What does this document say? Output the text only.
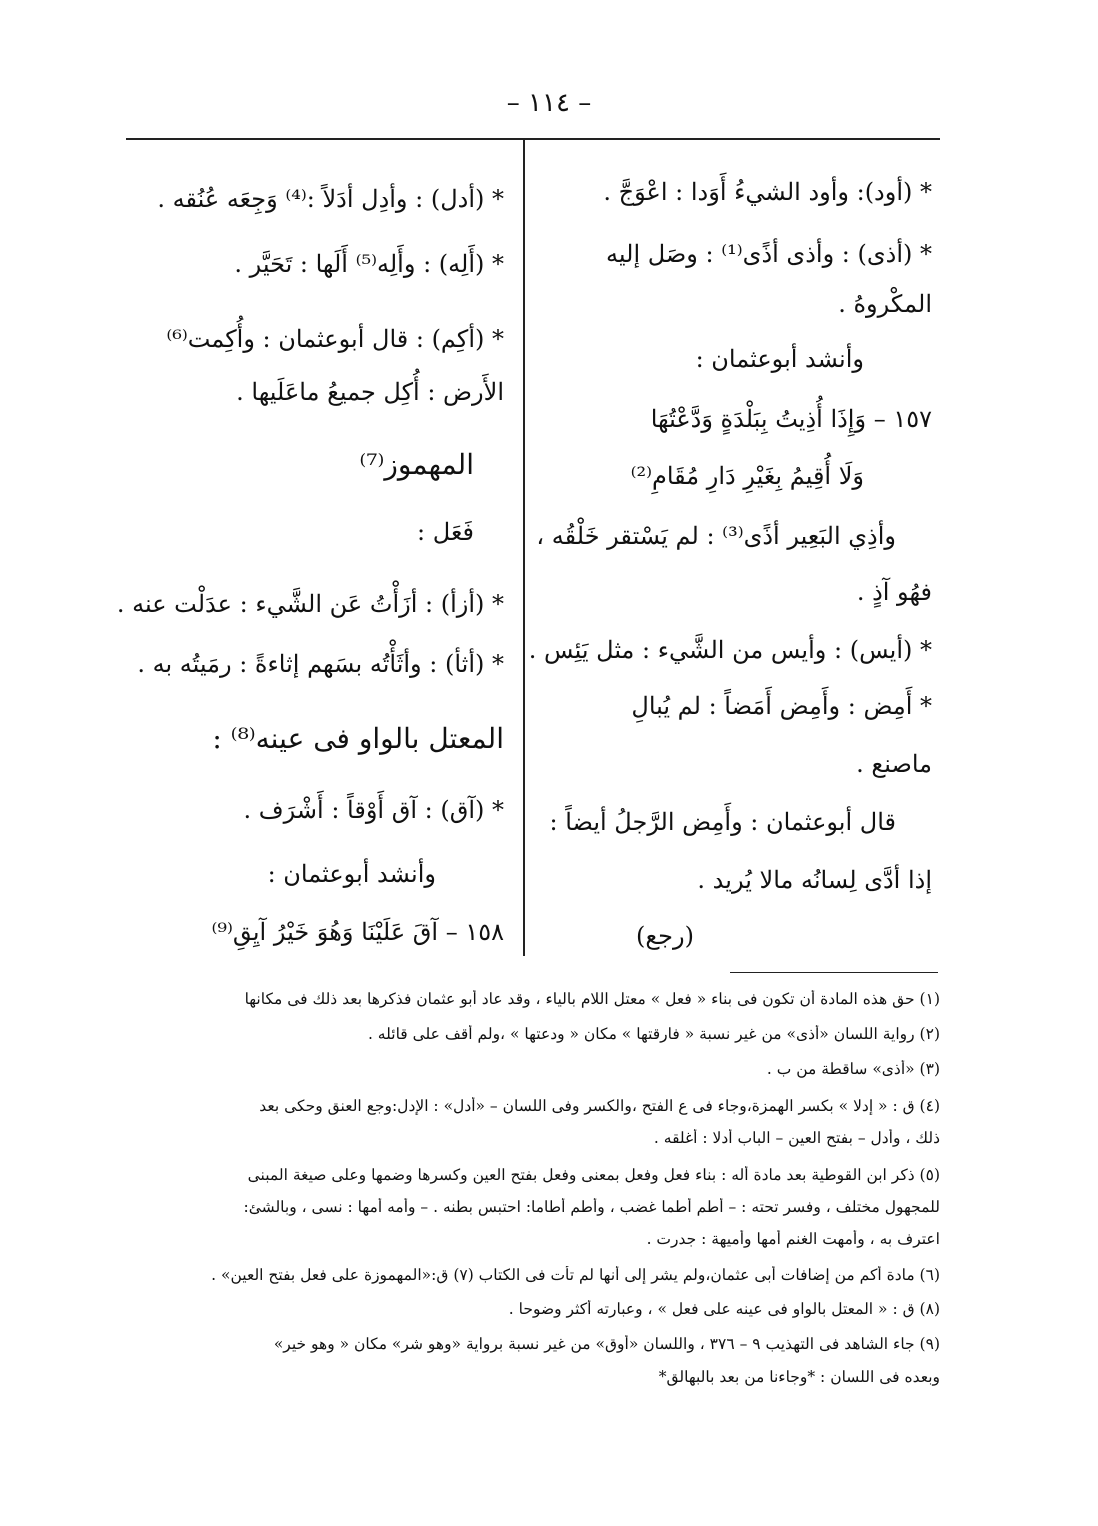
– ١١٤ –
* (أود): وأود الشيءُ أَوَدا : اعْوَجَّ .
* (أذى) : وأذى أذًى⁽¹⁾ : وصَل إليه
المكْروهُ .
وأنشد أبوعثمان :
١٥٧ – وَإِذَا أُذِيتُ بِبَلْدَةٍ وَدَّعْتُهَا
وَلَا أُقِيمُ بِغَيْرِ دَارِ مُقَامِ⁽²⁾
وأذِي البَعِير أذًى⁽³⁾ : لم يَسْتقر خَلْقُه ،
فهُو آذٍ .
* (أيس) : وأيس من الشَّيء : مثل يَئِس .
* أَمِض : وأَمِض أَمَضاً : لم يُبالِ
ماصنع .
قال أبوعثمان : وأَمِض الرَّجلُ أيضاً :
إذا أدَّى لِسانُه مالا يُريد .
(رجع)
* (أدل) : وأدِل أدَلاً :⁽⁴⁾ وَجِعَه عُنُقه .
* (أَلِه) : وأَلِه⁽⁵⁾ أَلَها : تَحَيَّر .
* (أكِم) : قال أبوعثمان : وأُكِمت⁽⁶⁾
الأَرض : أُكِل جميعُ ماعَلَيها .
المهموز⁽⁷⁾
فَعَل :
* (أزأ) : أزَأْتُ عَن الشَّيء : عدَلْت عنه .
* (أثأ) : وأثَأْتُه بسَهم إثاءةً : رمَيتُه به .
المعتل بالواو فى عينه⁽⁸⁾ :
* (آق) : آق أَوْقاً : أَشْرَف .
وأنشد أبوعثمان :
١٥٨ – آقَ عَلَيْنَا وَهُوَ خَيْرُ آيِقِ⁽⁹⁾
(١) حق هذه المادة أن تكون فى بناء « فعل » معتل اللام بالياء ، وقد عاد أبو عثمان فذكرها بعد ذلك فى مكانها
(٢) رواية اللسان «أذى» من غير نسبة « فارقتها » مكان « ودعتها » ،ولم أقف على قائله .
(٣) «أذى» ساقطة من ب .
(٤) ق : « إدلا » بكسر الهمزة،وجاء فى ع الفتح ،والكسر وفى اللسان – «أدل» : الإدل:وجع العنق وحكى بعد
ذلك ، وأدل – بفتح العين – الباب أدلا : أغلقه .
(٥) ذكر ابن القوطية بعد مادة أله : بناء فعل وفعل بمعنى وفعل بفتح العين وكسرها وضمها وعلى صيغة المبنى
للمجهول مختلف ، وفسر تحته : – أطم أطما غضب ، وأطم أطاما: احتبس بطنه . – وأمه أمها : نسى ، وبالشئ:
اعترف به ، وأمهت الغنم أمها وأميهة : جدرت .
(٦) مادة أكم من إضافات أبى عثمان،ولم يشر إلى أنها لم تأت فى الكتاب (٧) ق:«المهموزة على فعل بفتح العين» .
(٨) ق : « المعتل بالواو فى عينه على فعل » ، وعبارته أكثر وضوحا .
(٩) جاء الشاهد فى التهذيب ٩ – ٣٧٦ ، واللسان «أوق» من غير نسبة برواية «وهو شر» مكان « وهو خير»
وبعده فى اللسان : *وجاءنا من بعد بالبهالق*
